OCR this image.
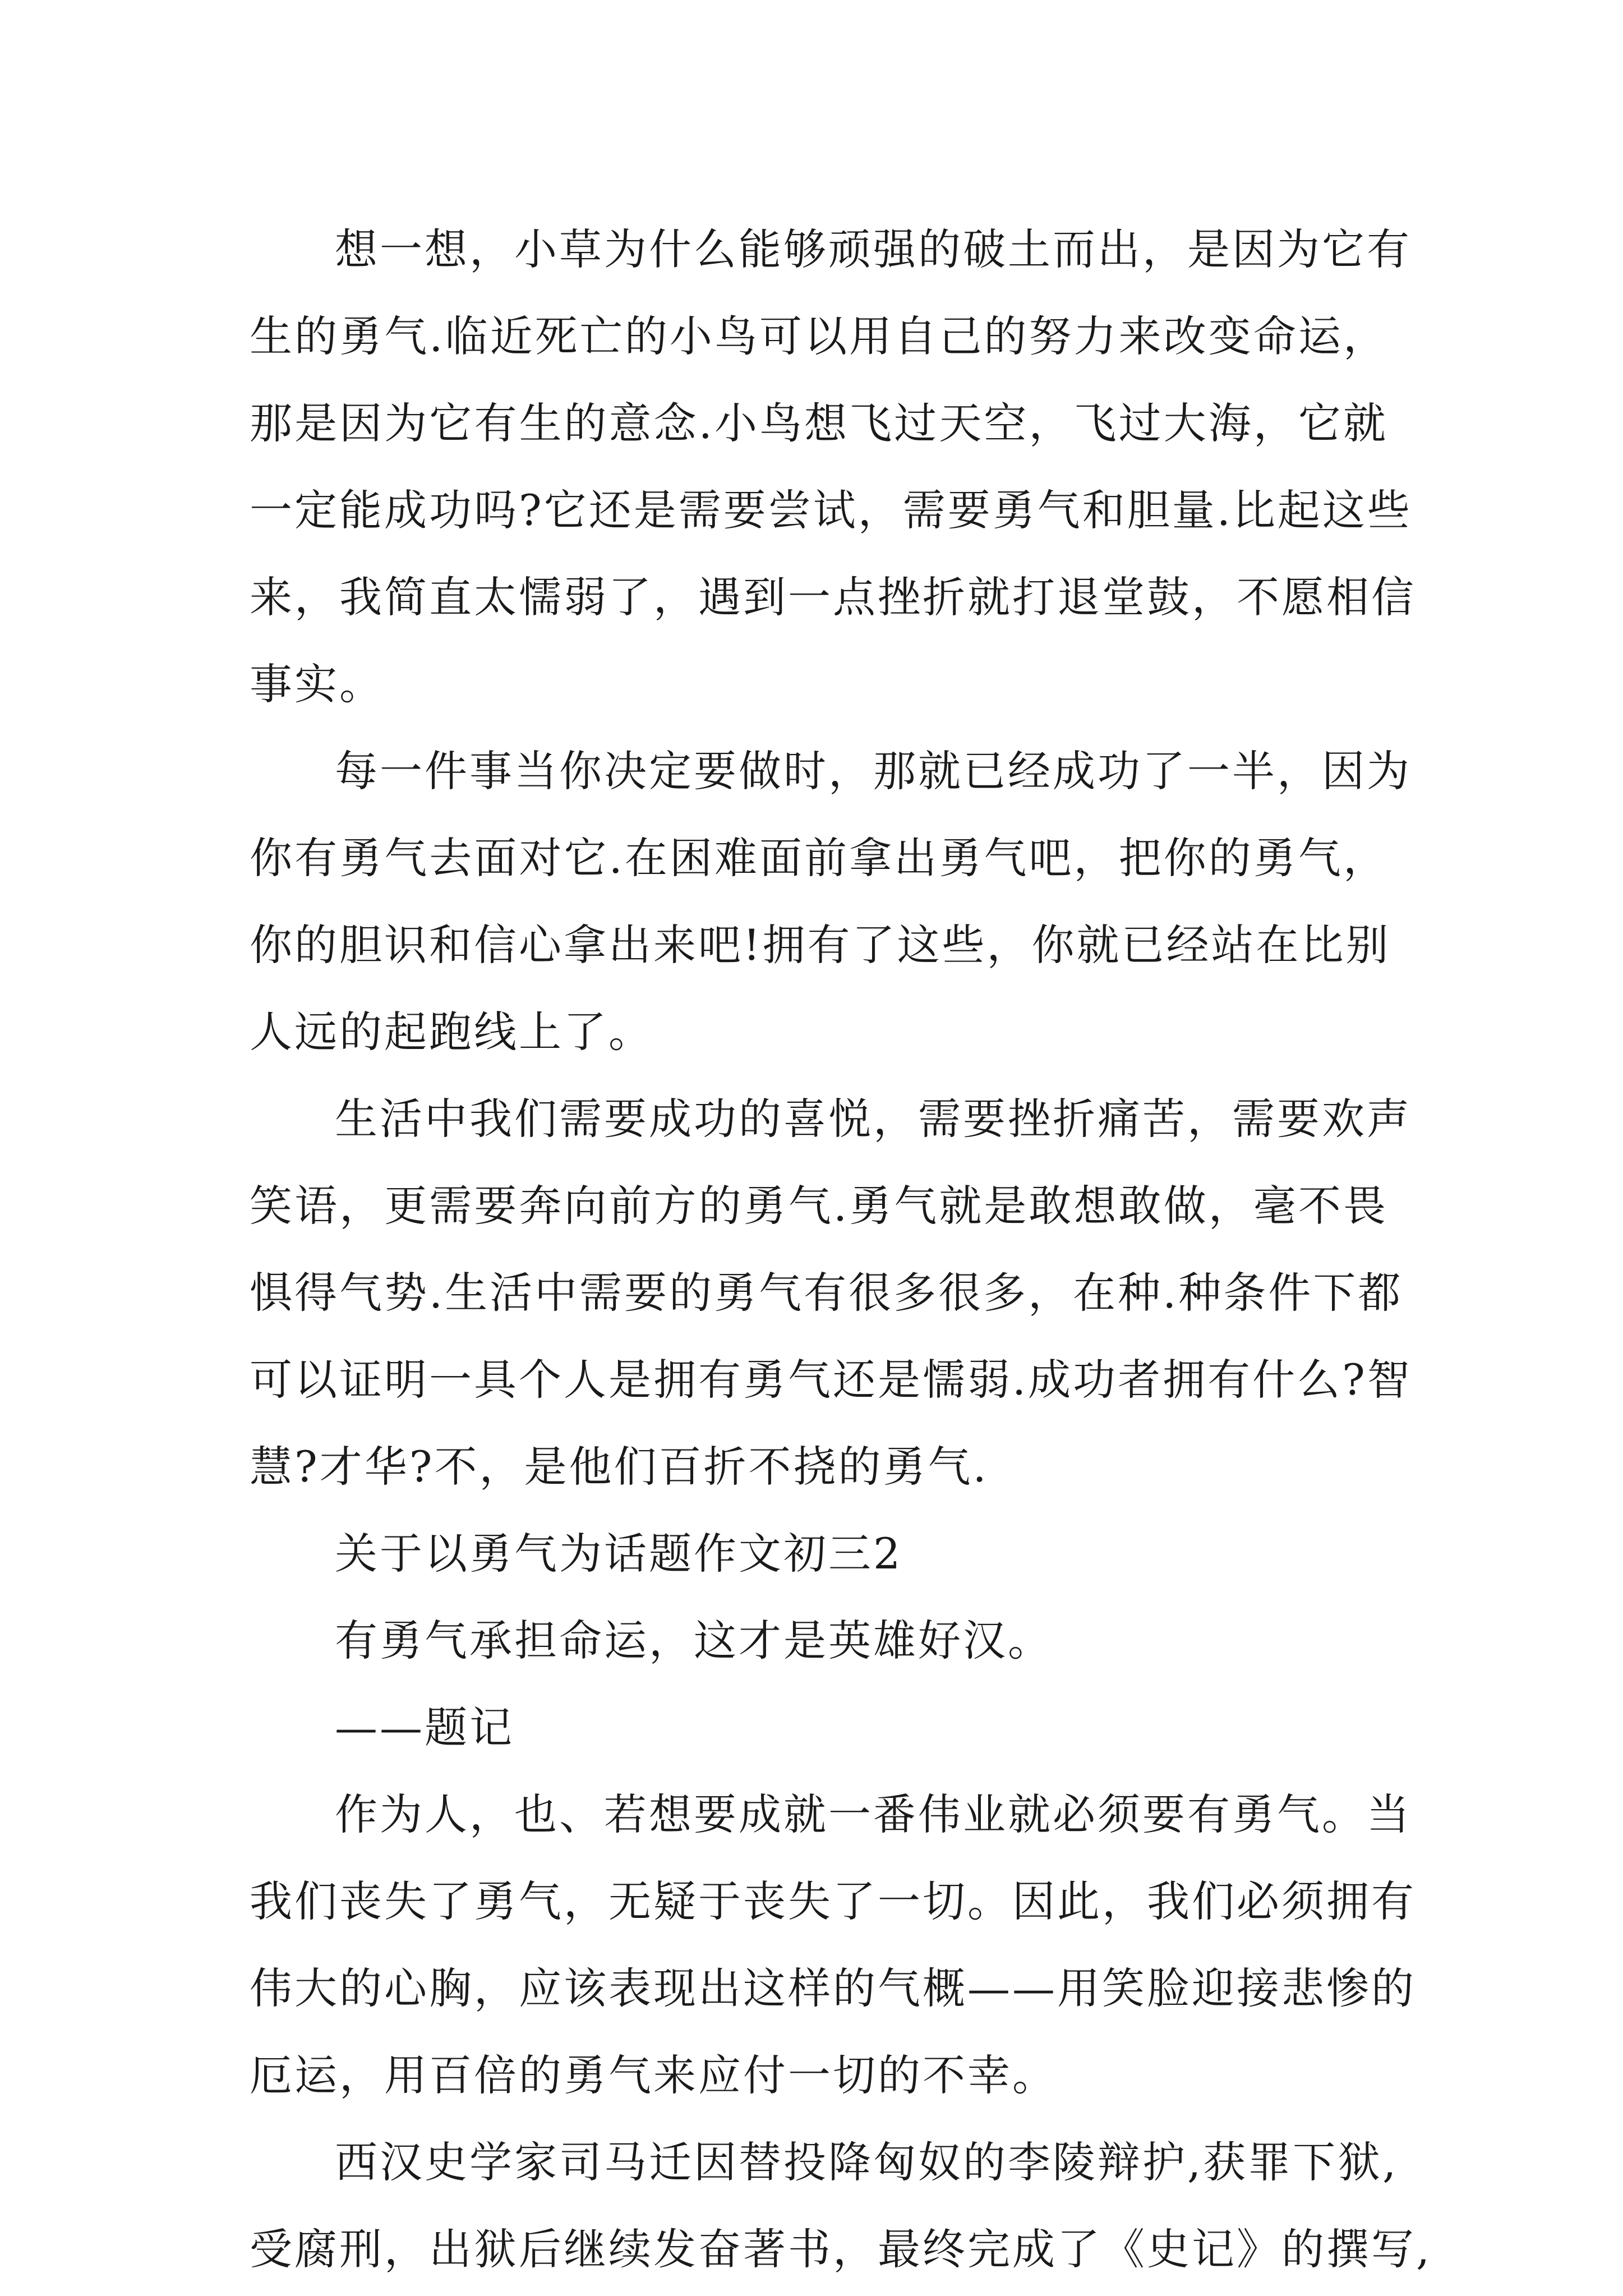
想一想，小草为什么能够顽强的破土而出，是因为它有
生的勇气.临近死亡的小鸟可以用自己的努力来改变命运，
那是因为它有生的意念.小鸟想飞过天空，飞过大海，它就
一定能成功吗?它还是需要尝试，需要勇气和胆量.比起这些
来，我简直太懦弱了，遇到一点挫折就打退堂鼓，不愿相信
事实。
每一件事当你决定要做时，那就已经成功了一半，因为
你有勇气去面对它.在困难面前拿出勇气吧，把你的勇气，
你的胆识和信心拿出来吧!拥有了这些，你就已经站在比别
人远的起跑线上了。
生活中我们需要成功的喜悦，需要挫折痛苦，需要欢声
笑语，更需要奔向前方的勇气.勇气就是敢想敢做，毫不畏
惧得气势.生活中需要的勇气有很多很多，在种.种条件下都
可以证明一具个人是拥有勇气还是懦弱.成功者拥有什么?智
慧?才华?不，是他们百折不挠的勇气.
关于以勇气为话题作文初三2
有勇气承担命运，这才是英雄好汉。
——题记
作为人，也、若想要成就一番伟业就必须要有勇气。当
我们丧失了勇气，无疑于丧失了一切。因此，我们必须拥有
伟大的心胸，应该表现出这样的气概——用笑脸迎接悲惨的
厄运，用百倍的勇气来应付一切的不幸。
西汉史学家司马迁因替投降匈奴的李陵辩护,获罪下狱,
受腐刑，出狱后继续发奋著书，最终完成了《史记》的撰写,
